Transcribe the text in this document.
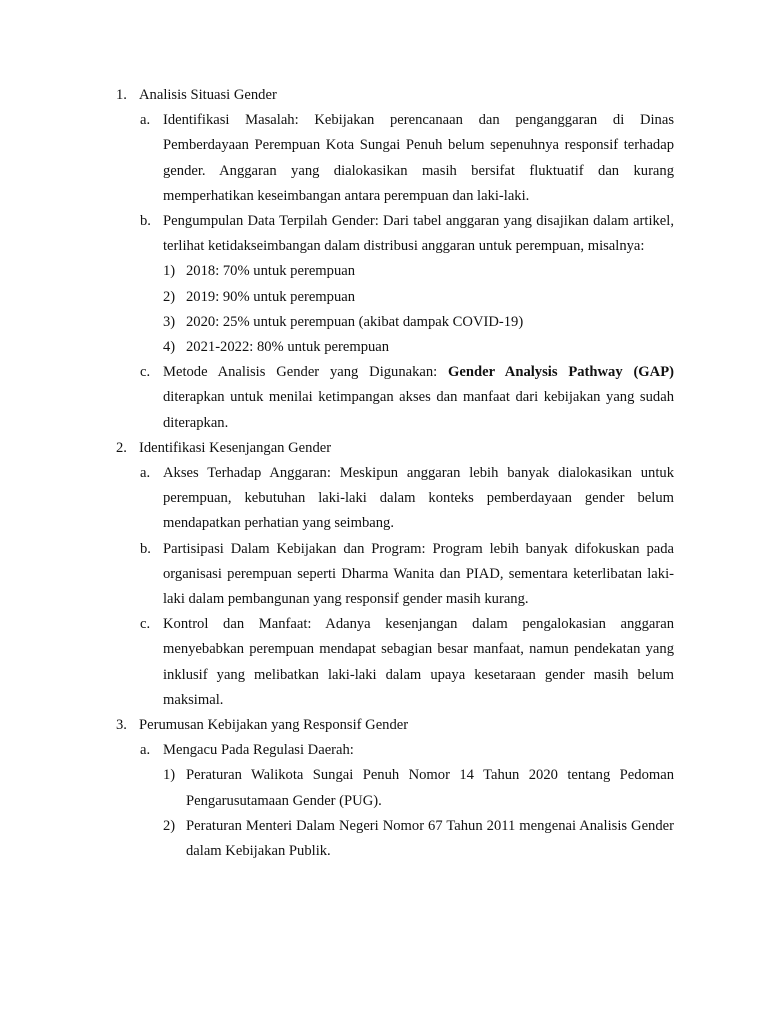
1. Analisis Situasi Gender
a. Identifikasi Masalah: Kebijakan perencanaan dan penganggaran di Dinas Pemberdayaan Perempuan Kota Sungai Penuh belum sepenuhnya responsif terhadap gender. Anggaran yang dialokasikan masih bersifat fluktuatif dan kurang memperhatikan keseimbangan antara perempuan dan laki-laki.
b. Pengumpulan Data Terpilah Gender: Dari tabel anggaran yang disajikan dalam artikel, terlihat ketidakseimbangan dalam distribusi anggaran untuk perempuan, misalnya:
1) 2018: 70% untuk perempuan
2) 2019: 90% untuk perempuan
3) 2020: 25% untuk perempuan (akibat dampak COVID-19)
4) 2021-2022: 80% untuk perempuan
c. Metode Analisis Gender yang Digunakan: Gender Analysis Pathway (GAP) diterapkan untuk menilai ketimpangan akses dan manfaat dari kebijakan yang sudah diterapkan.
2. Identifikasi Kesenjangan Gender
a. Akses Terhadap Anggaran: Meskipun anggaran lebih banyak dialokasikan untuk perempuan, kebutuhan laki-laki dalam konteks pemberdayaan gender belum mendapatkan perhatian yang seimbang.
b. Partisipasi Dalam Kebijakan dan Program: Program lebih banyak difokuskan pada organisasi perempuan seperti Dharma Wanita dan PIAD, sementara keterlibatan laki-laki dalam pembangunan yang responsif gender masih kurang.
c. Kontrol dan Manfaat: Adanya kesenjangan dalam pengalokasian anggaran menyebabkan perempuan mendapat sebagian besar manfaat, namun pendekatan yang inklusif yang melibatkan laki-laki dalam upaya kesetaraan gender masih belum maksimal.
3. Perumusan Kebijakan yang Responsif Gender
a. Mengacu Pada Regulasi Daerah:
1) Peraturan Walikota Sungai Penuh Nomor 14 Tahun 2020 tentang Pedoman Pengarusutamaan Gender (PUG).
2) Peraturan Menteri Dalam Negeri Nomor 67 Tahun 2011 mengenai Analisis Gender dalam Kebijakan Publik.
